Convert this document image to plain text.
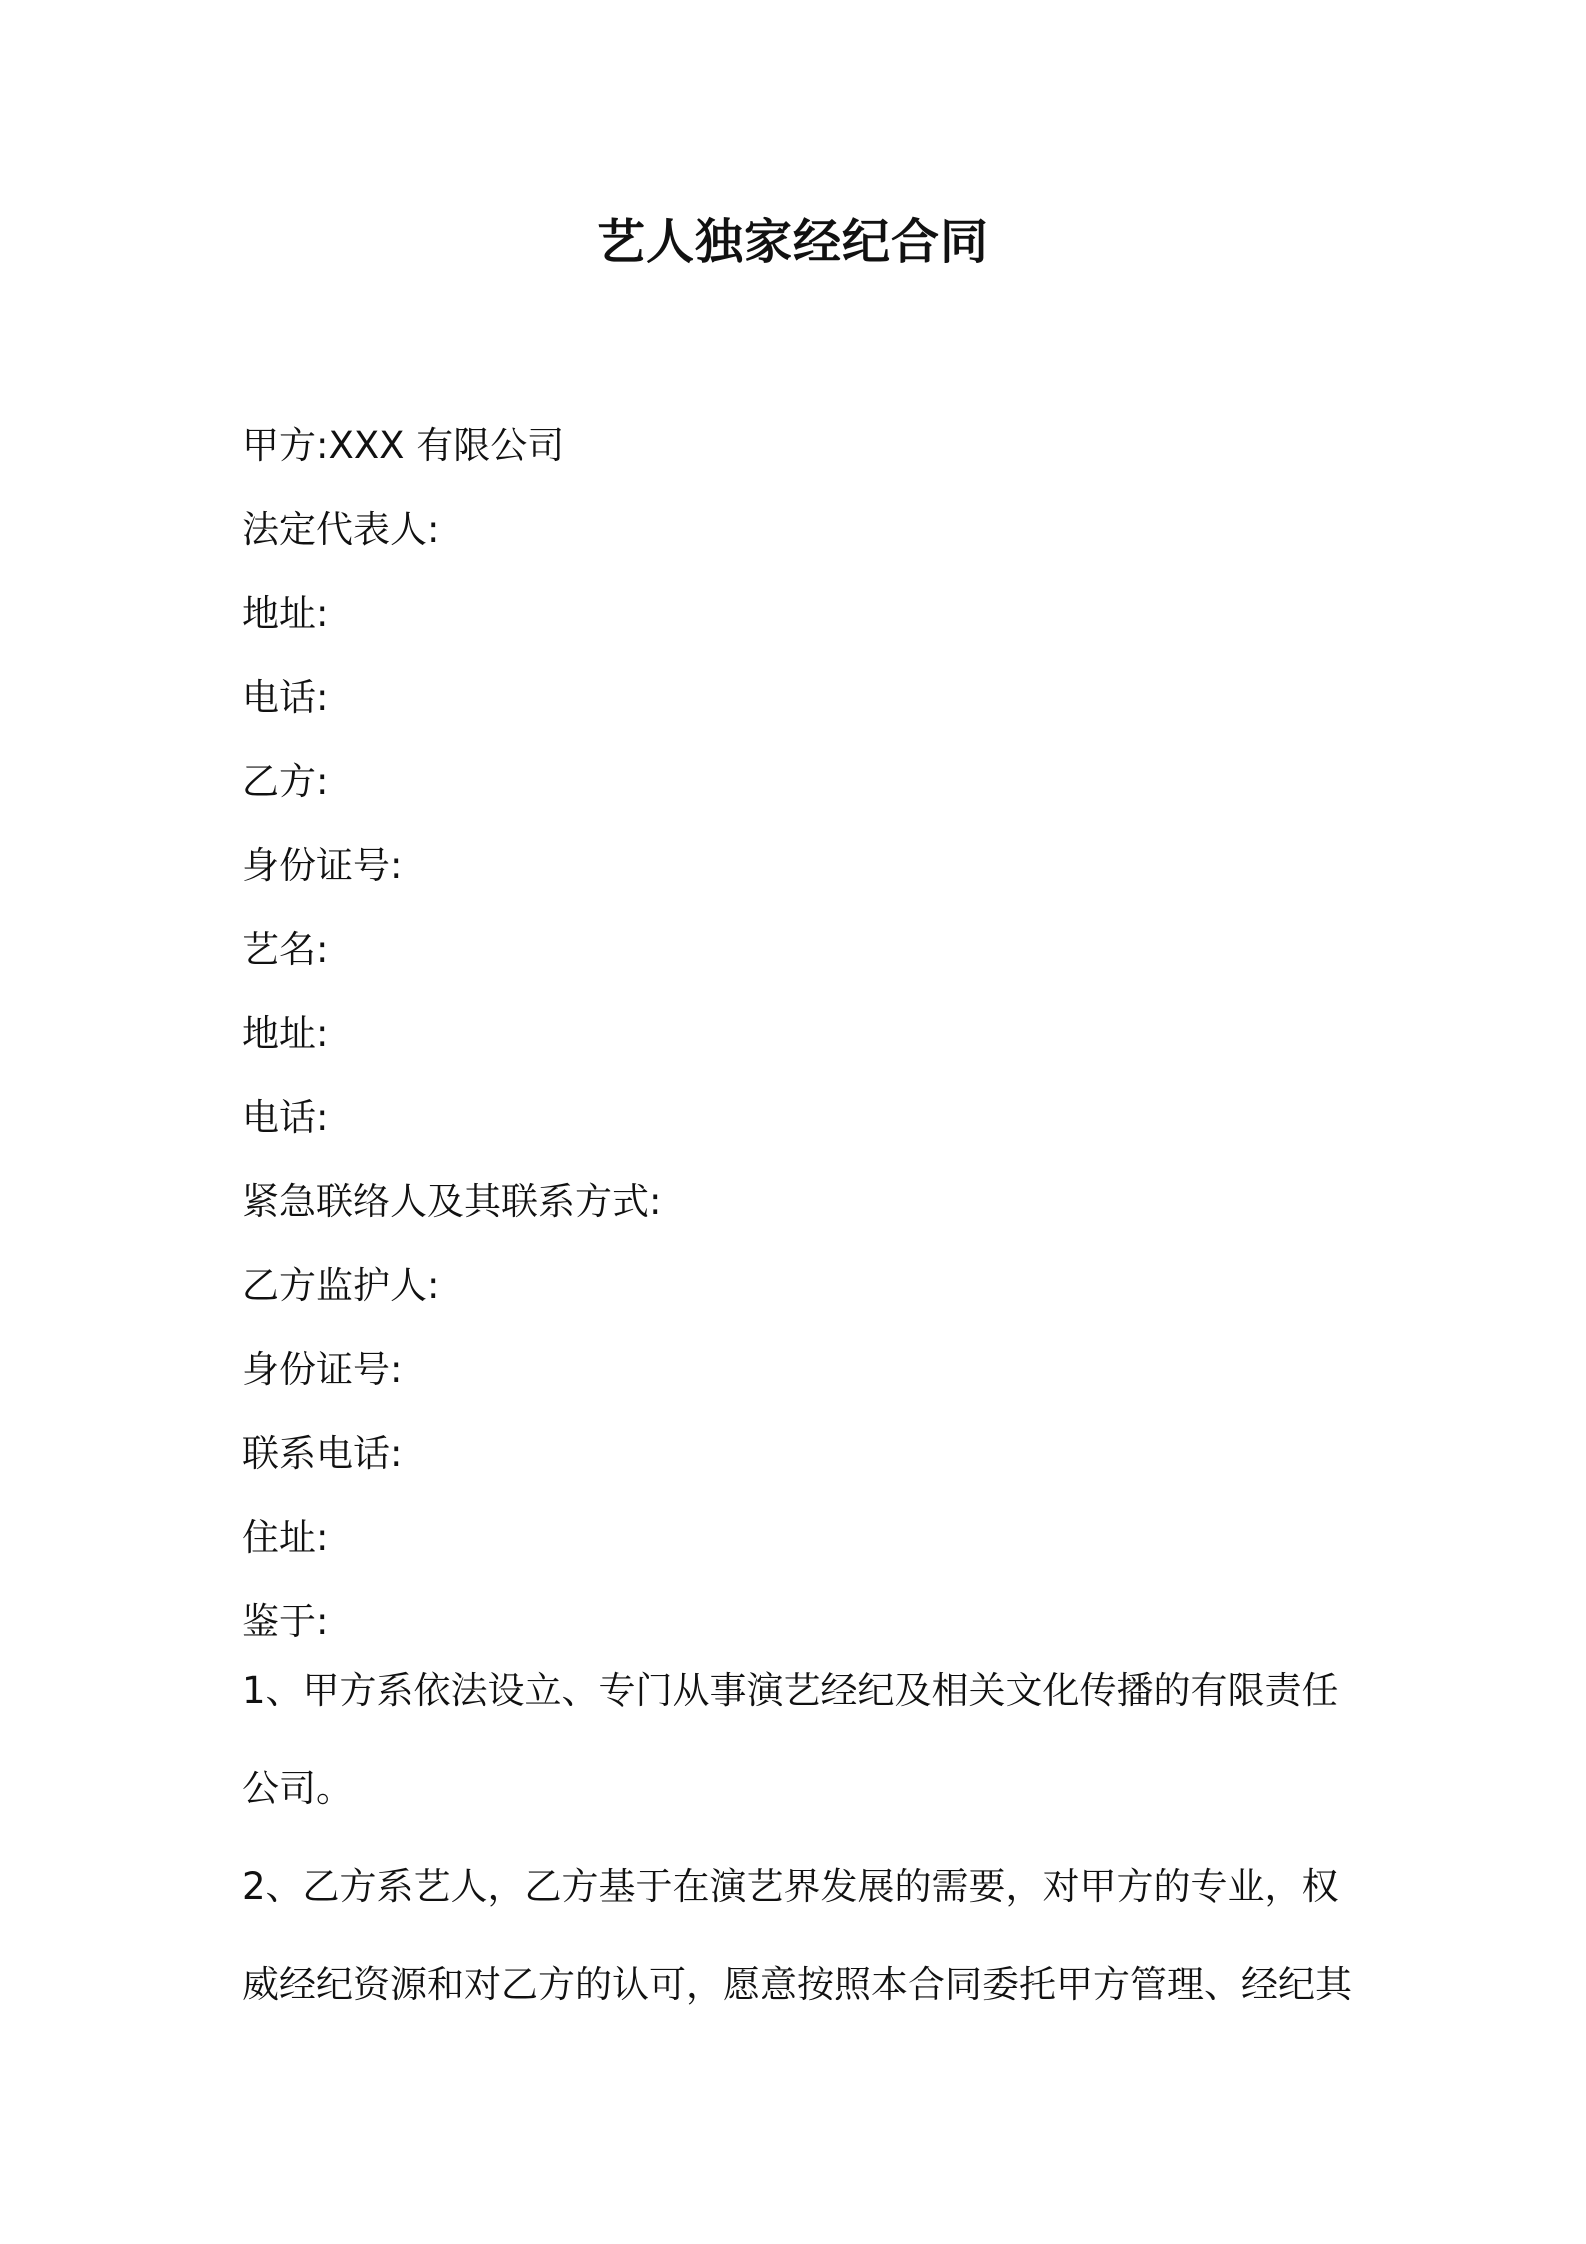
艺人独家经纪合同
甲方:XXX 有限公司
法定代表人:
地址:
电话:
乙方:
身份证号:
艺名:
地址:
电话:
紧急联络人及其联系方式:
乙方监护人:
身份证号:
联系电话:
住址:
鉴于:

1、甲方系依法设立、专门从事演艺经纪及相关文化传播的有限责任公司。

2、乙方系艺人，乙方基于在演艺界发展的需要，对甲方的专业，权威经纪资源和对乙方的认可，愿意按照本合同委托甲方管理、经纪其
